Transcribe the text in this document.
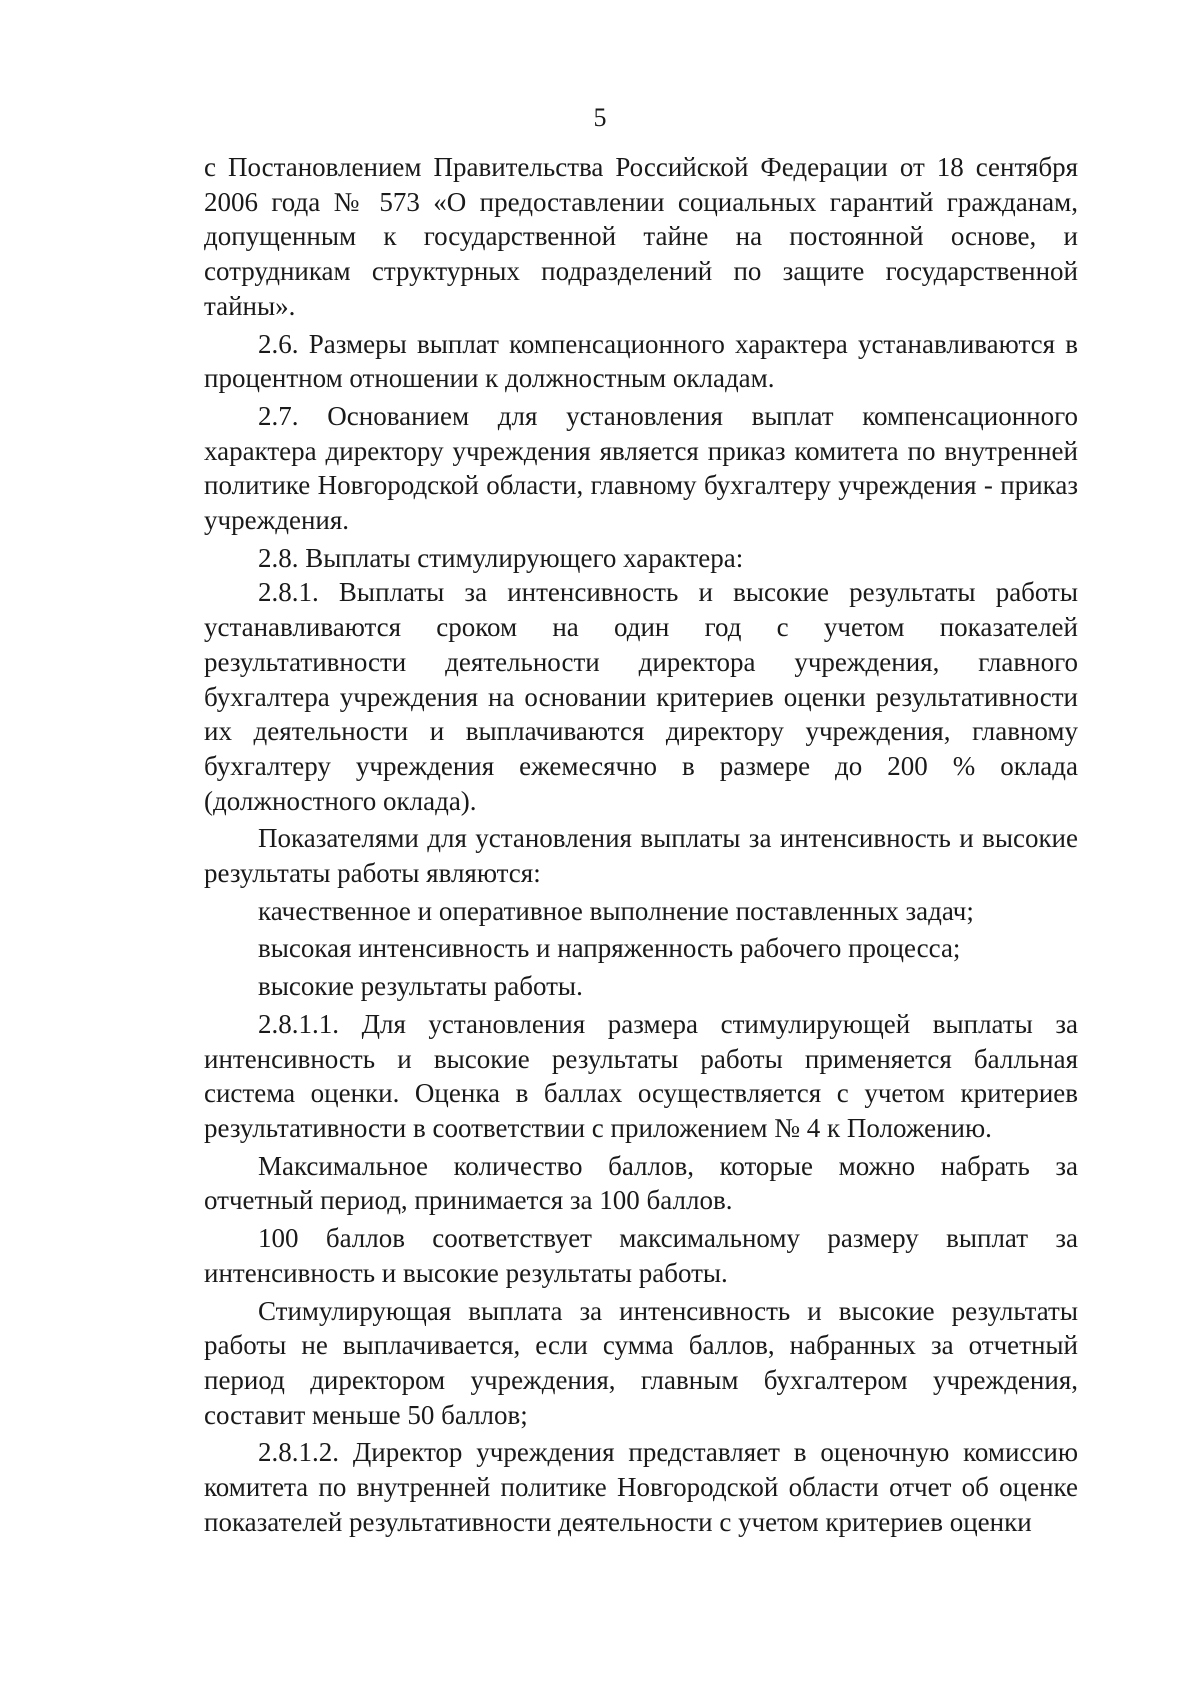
5

с Постановлением Правительства Российской Федерации от 18 сентября 2006 года № 573 «О предоставлении социальных гарантий гражданам, допущенным к государственной тайне на постоянной основе, и сотрудникам структурных подразделений по защите государственной тайны».

2.6. Размеры выплат компенсационного характера устанавливаются в процентном отношении к должностным окладам.

2.7. Основанием для установления выплат компенсационного характера директору учреждения является приказ комитета по внутренней политике Новгородской области, главному бухгалтеру учреждения - приказ учреждения.

2.8. Выплаты стимулирующего характера:

2.8.1. Выплаты за интенсивность и высокие результаты работы устанавливаются сроком на один год с учетом показателей результативности деятельности директора учреждения, главного бухгалтера учреждения на основании критериев оценки результативности их деятельности и выплачиваются директору учреждения, главному бухгалтеру учреждения ежемесячно в размере до 200 % оклада (должностного оклада).

Показателями для установления выплаты за интенсивность и высокие результаты работы являются:

качественное и оперативное выполнение поставленных задач;

высокая интенсивность и напряженность рабочего процесса;

высокие результаты работы.

2.8.1.1. Для установления размера стимулирующей выплаты за интенсивность и высокие результаты работы применяется балльная система оценки. Оценка в баллах осуществляется с учетом критериев результативности в соответствии с приложением № 4 к Положению.

Максимальное количество баллов, которые можно набрать за отчетный период, принимается за 100 баллов.

100 баллов соответствует максимальному размеру выплат за интенсивность и высокие результаты работы.

Стимулирующая выплата за интенсивность и высокие результаты работы не выплачивается, если сумма баллов, набранных за отчетный период директором учреждения, главным бухгалтером учреждения, составит меньше 50 баллов;

2.8.1.2. Директор учреждения представляет в оценочную комиссию комитета по внутренней политике Новгородской области отчет об оценке показателей результативности деятельности с учетом критериев оценки
